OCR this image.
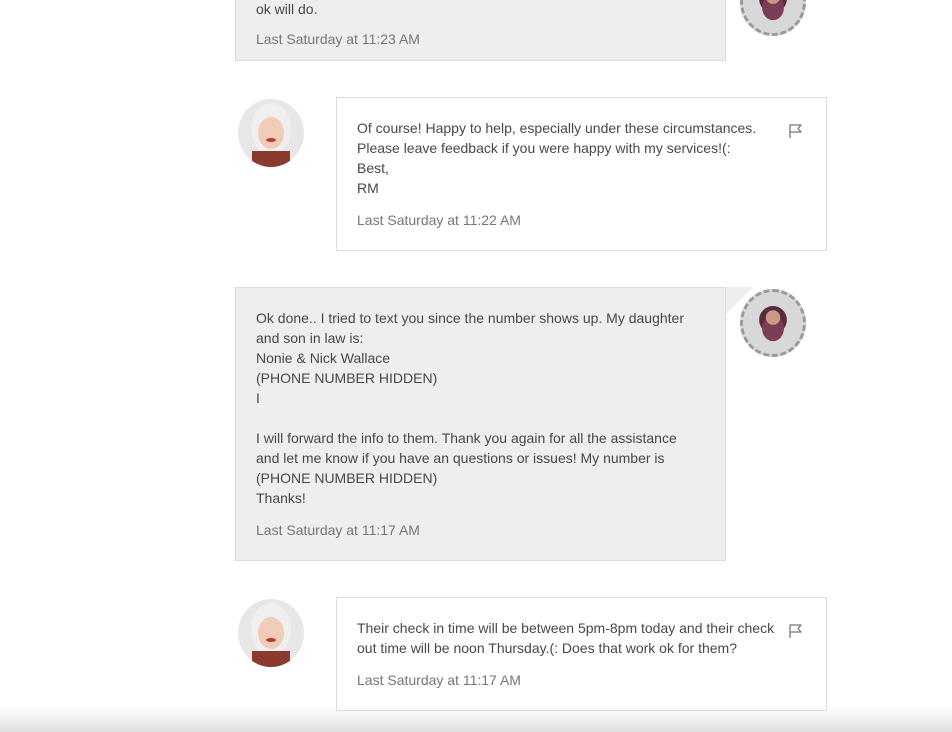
ok will do.

Last Saturday at 11:23 AM

Of course! Happy to help, especially under these circumstances.
Please leave feedback if you were happy with my services!(:
Best,
RM

Last Saturday at 11:22 AM

Ok done.. I tried to text you since the number shows up. My daughter
and son in law is:
Nonie & Nick Wallace
(PHONE NUMBER HIDDEN)
I

I will forward the info to them. Thank you again for all the assistance
and let me know if you have an questions or issues! My number is
(PHONE NUMBER HIDDEN)
Thanks!

Last Saturday at 11:17 AM

Their check in time will be between 5pm-8pm today and their check
out time will be noon Thursday.(: Does that work ok for them?

Last Saturday at 11:17 AM
